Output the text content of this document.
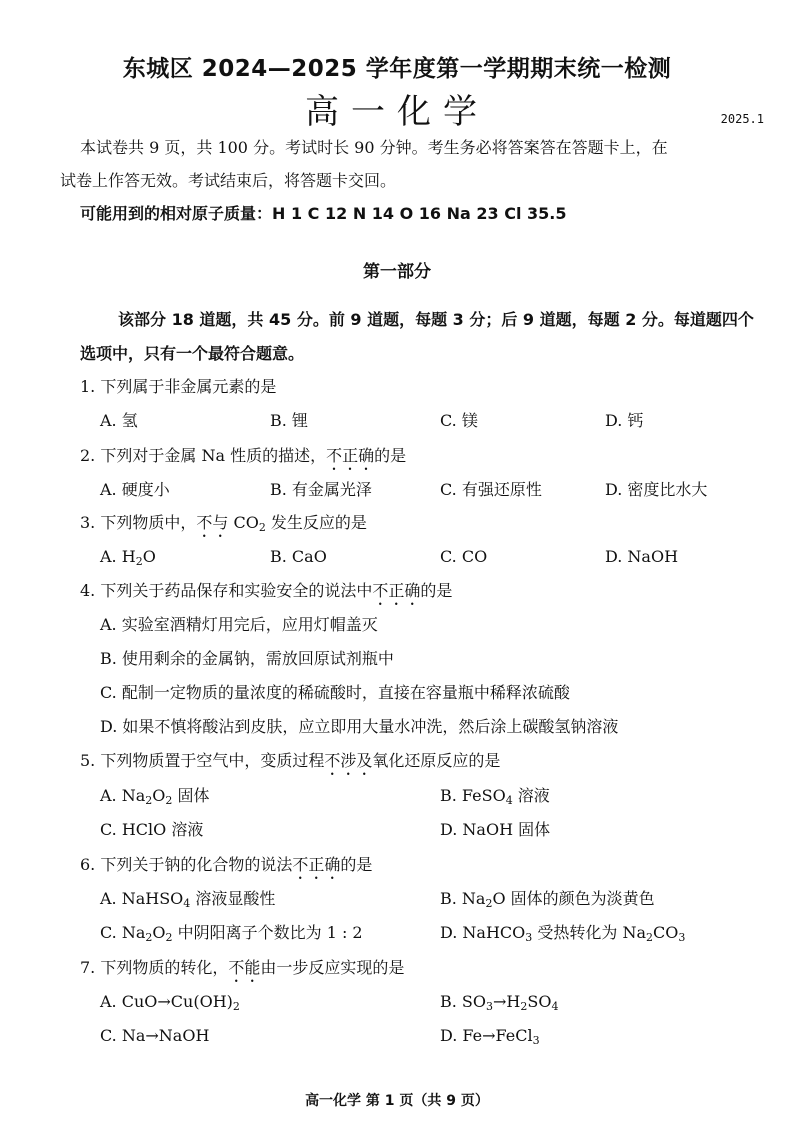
东城区 2024—2025 学年度第一学期期末统一检测
高一化学	2025.1
本试卷共 9 页，共 100 分。考试时长 90 分钟。考生务必将答案答在答题卡上，在
试卷上作答无效。考试结束后，将答题卡交回。
可能用到的相对原子质量：H 1 C 12 N 14 O 16 Na 23 Cl 35.5
第一部分
该部分 18 道题，共 45 分。前 9 道题，每题 3 分；后 9 道题，每题 2 分。每道题四个
选项中，只有一个最符合题意。
1. 下列属于非金属元素的是
A. 氢	B. 锂	C. 镁	D. 钙
2. 下列对于金属 Na 性质的描述，不正确的是
A. 硬度小	B. 有金属光泽	C. 有强还原性	D. 密度比水大
3. 下列物质中，不与 $CO_2$ 发生反应的是
A. $H_2O$	B. CaO	C. CO	D. NaOH
4. 下列关于药品保存和实验安全的说法中不正确的是
A. 实验室酒精灯用完后，应用灯帽盖灭
B. 使用剩余的金属钠，需放回原试剂瓶中
C. 配制一定物质的量浓度的稀硫酸时，直接在容量瓶中稀释浓硫酸
D. 如果不慎将酸沾到皮肤，应立即用大量水冲洗，然后涂上碳酸氢钠溶液
5. 下列物质置于空气中，变质过程不涉及氧化还原反应的是
A. $Na_2O_2$ 固体	B. FeSO$_4$ 溶液
C. HClO 溶液	D. NaOH 固体
6. 下列关于钠的化合物的说法不正确的是
A. NaHSO$_4$ 溶液显酸性	B. $Na_2O$ 固体的颜色为淡黄色
C. $Na_2O_2$ 中阴阳离子个数比为 1 : 2	D. NaHCO$_3$ 受热转化为 $Na_2CO_3$
7. 下列物质的转化，不能由一步反应实现的是
A. $CuO\to Cu(OH)_2$	B. $SO_3\to H_2SO_4$
C. Na→NaOH	D. Fe→FeCl$_3$
高一化学 第 1 页（共 9 页）
